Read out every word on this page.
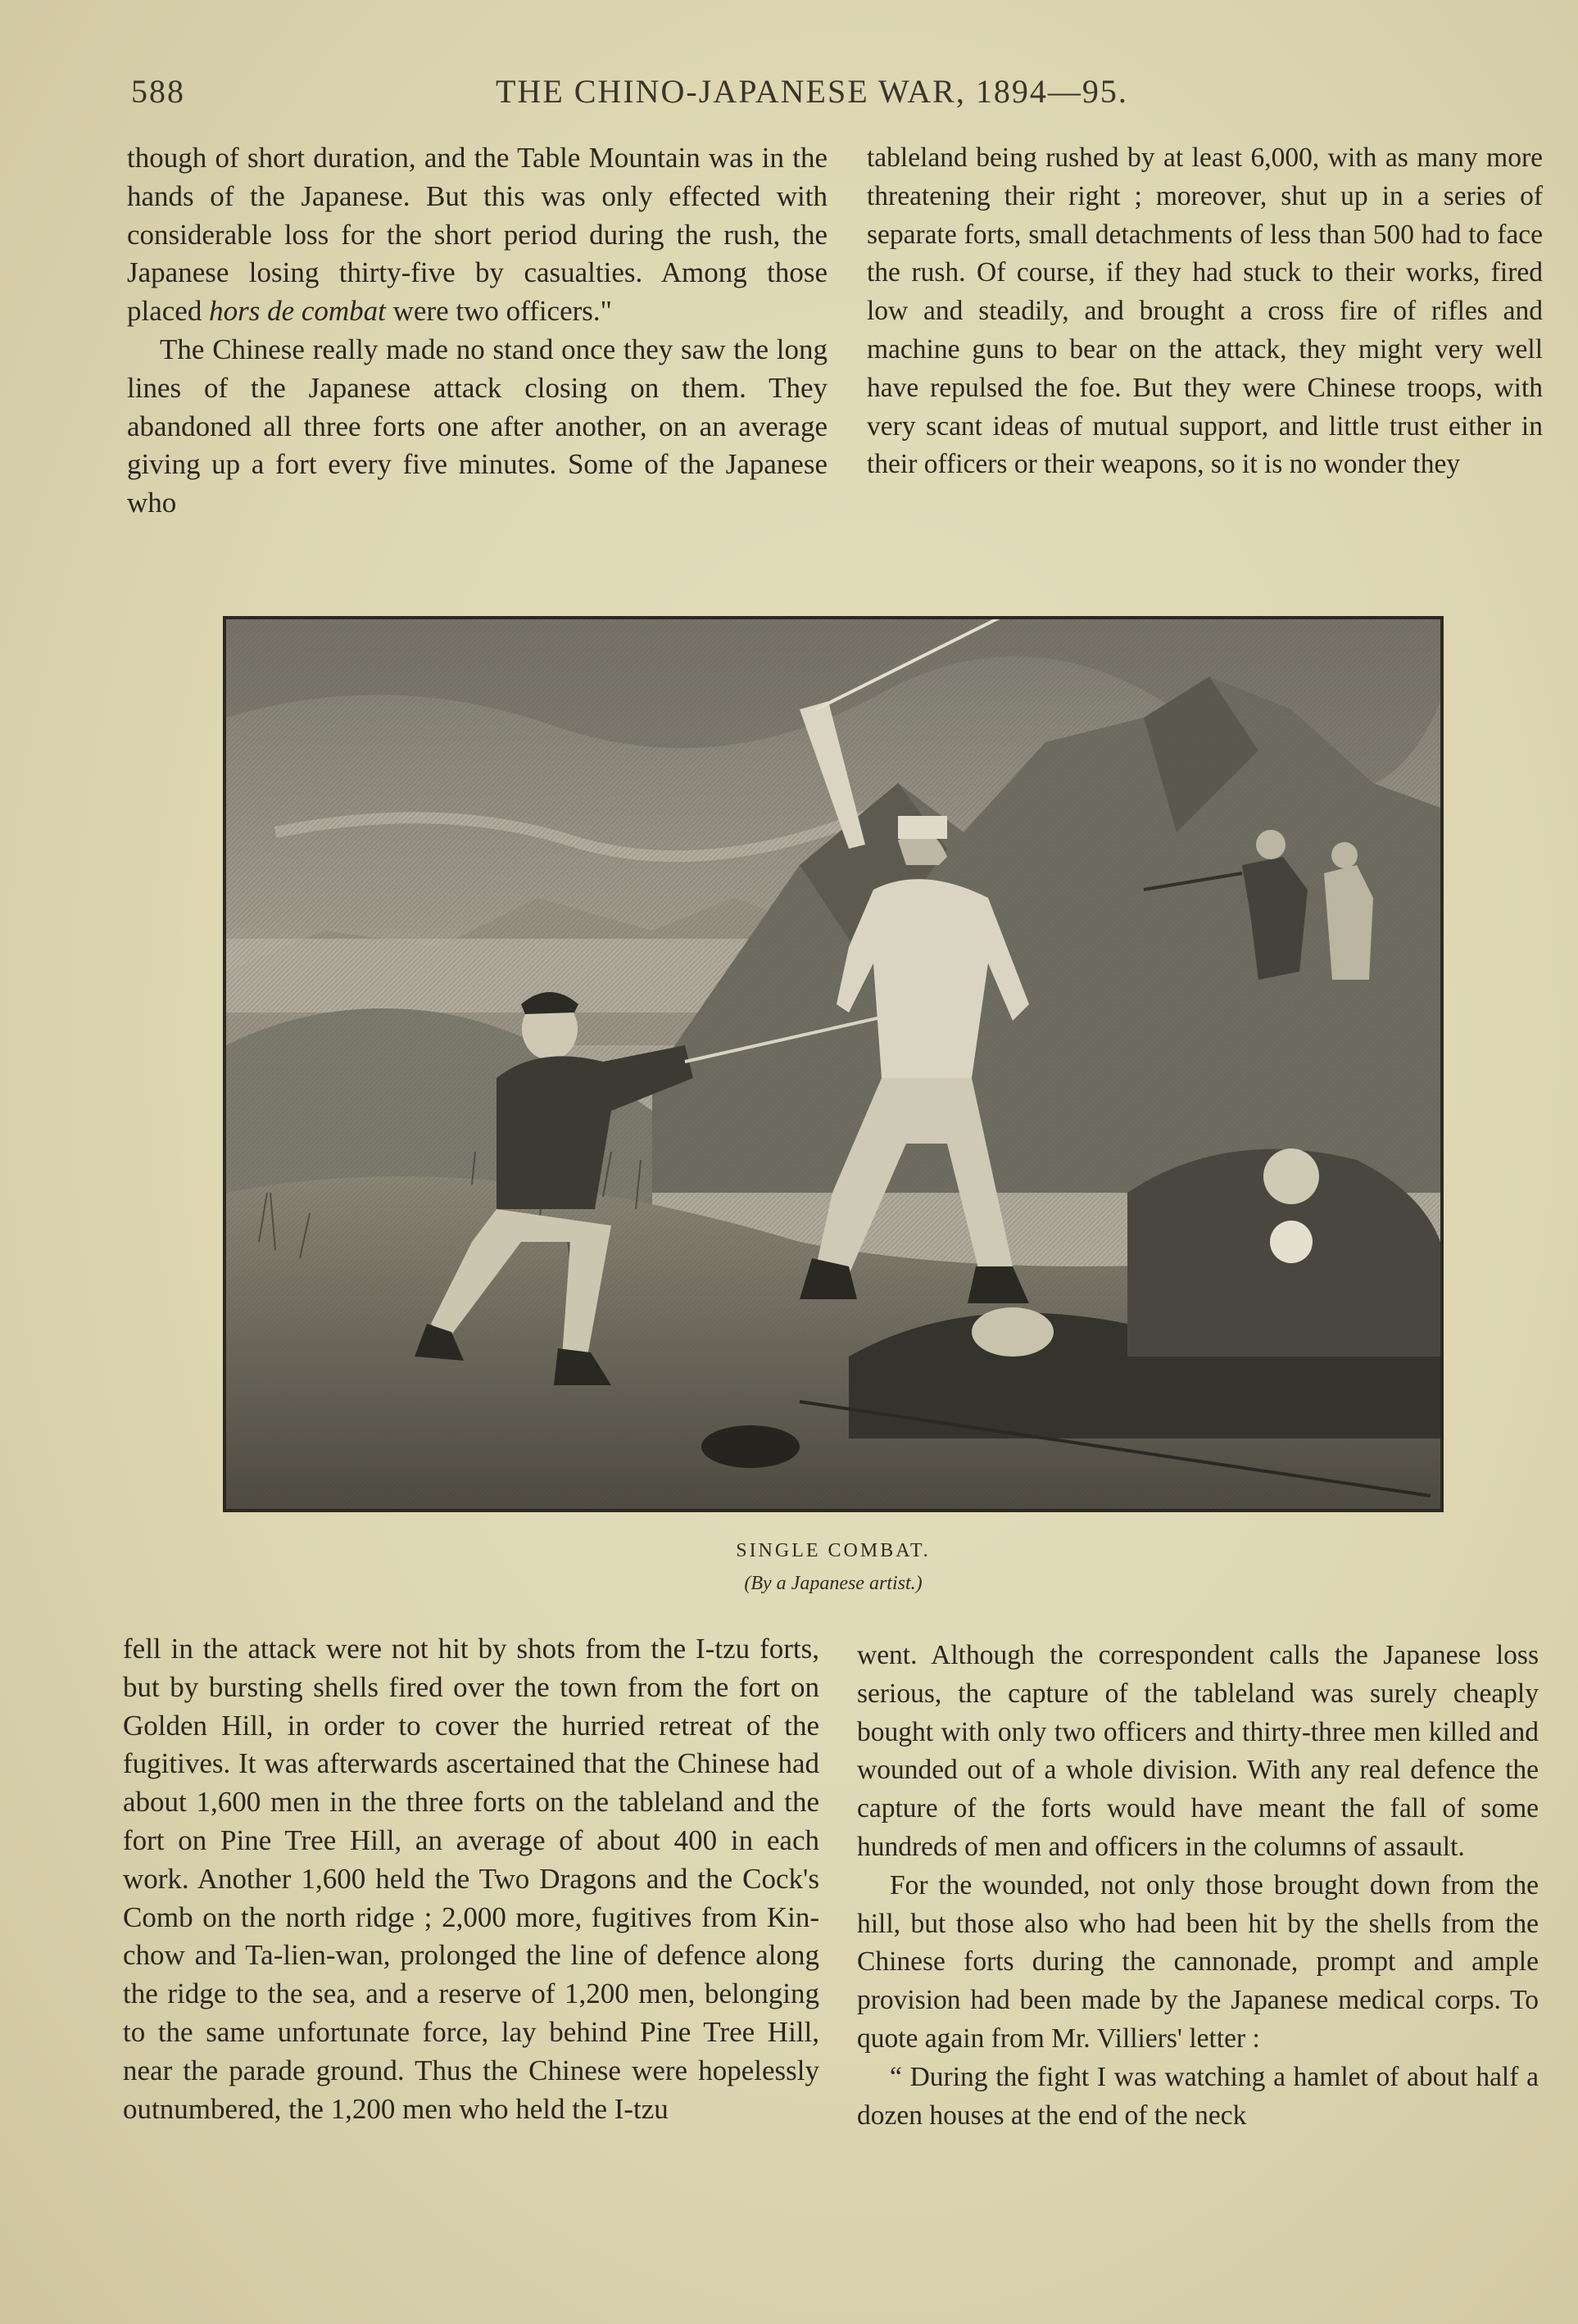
588	THE CHINO-JAPANESE WAR, 1894—95.

though of short duration, and the Table Mountain was in the hands of the Japanese. But this was only effected with considerable loss for the short period during the rush, the Japanese losing thirty-five by casualties. Among those placed hors de combat were two officers."

The Chinese really made no stand once they saw the long lines of the Japanese attack closing on them. They abandoned all three forts one after another, on an average giving up a fort every five minutes. Some of the Japanese who

tableland being rushed by at least 6,000, with as many more threatening their right ; moreover, shut up in a series of separate forts, small detachments of less than 500 had to face the rush. Of course, if they had stuck to their works, fired low and steadily, and brought a cross fire of rifles and machine guns to bear on the attack, they might very well have repulsed the foe. But they were Chinese troops, with very scant ideas of mutual support, and little trust either in their officers or their weapons, so it is no wonder they

SINGLE COMBAT.
(By a Japanese artist.)

fell in the attack were not hit by shots from the I-tzu forts, but by bursting shells fired over the town from the fort on Golden Hill, in order to cover the hurried retreat of the fugitives. It was afterwards ascertained that the Chinese had about 1,600 men in the three forts on the tableland and the fort on Pine Tree Hill, an average of about 400 in each work. Another 1,600 held the Two Dragons and the Cock's Comb on the north ridge ; 2,000 more, fugitives from Kin-chow and Ta-lien-wan, prolonged the line of defence along the ridge to the sea, and a reserve of 1,200 men, belonging to the same unfortunate force, lay behind Pine Tree Hill, near the parade ground. Thus the Chinese were hopelessly outnumbered, the 1,200 men who held the I-tzu

went. Although the correspondent calls the Japanese loss serious, the capture of the tableland was surely cheaply bought with only two officers and thirty-three men killed and wounded out of a whole division. With any real defence the capture of the forts would have meant the fall of some hundreds of men and officers in the columns of assault.

For the wounded, not only those brought down from the hill, but those also who had been hit by the shells from the Chinese forts during the cannonade, prompt and ample provision had been made by the Japanese medical corps. To quote again from Mr. Villiers' letter :

“ During the fight I was watching a hamlet of about half a dozen houses at the end of the neck
